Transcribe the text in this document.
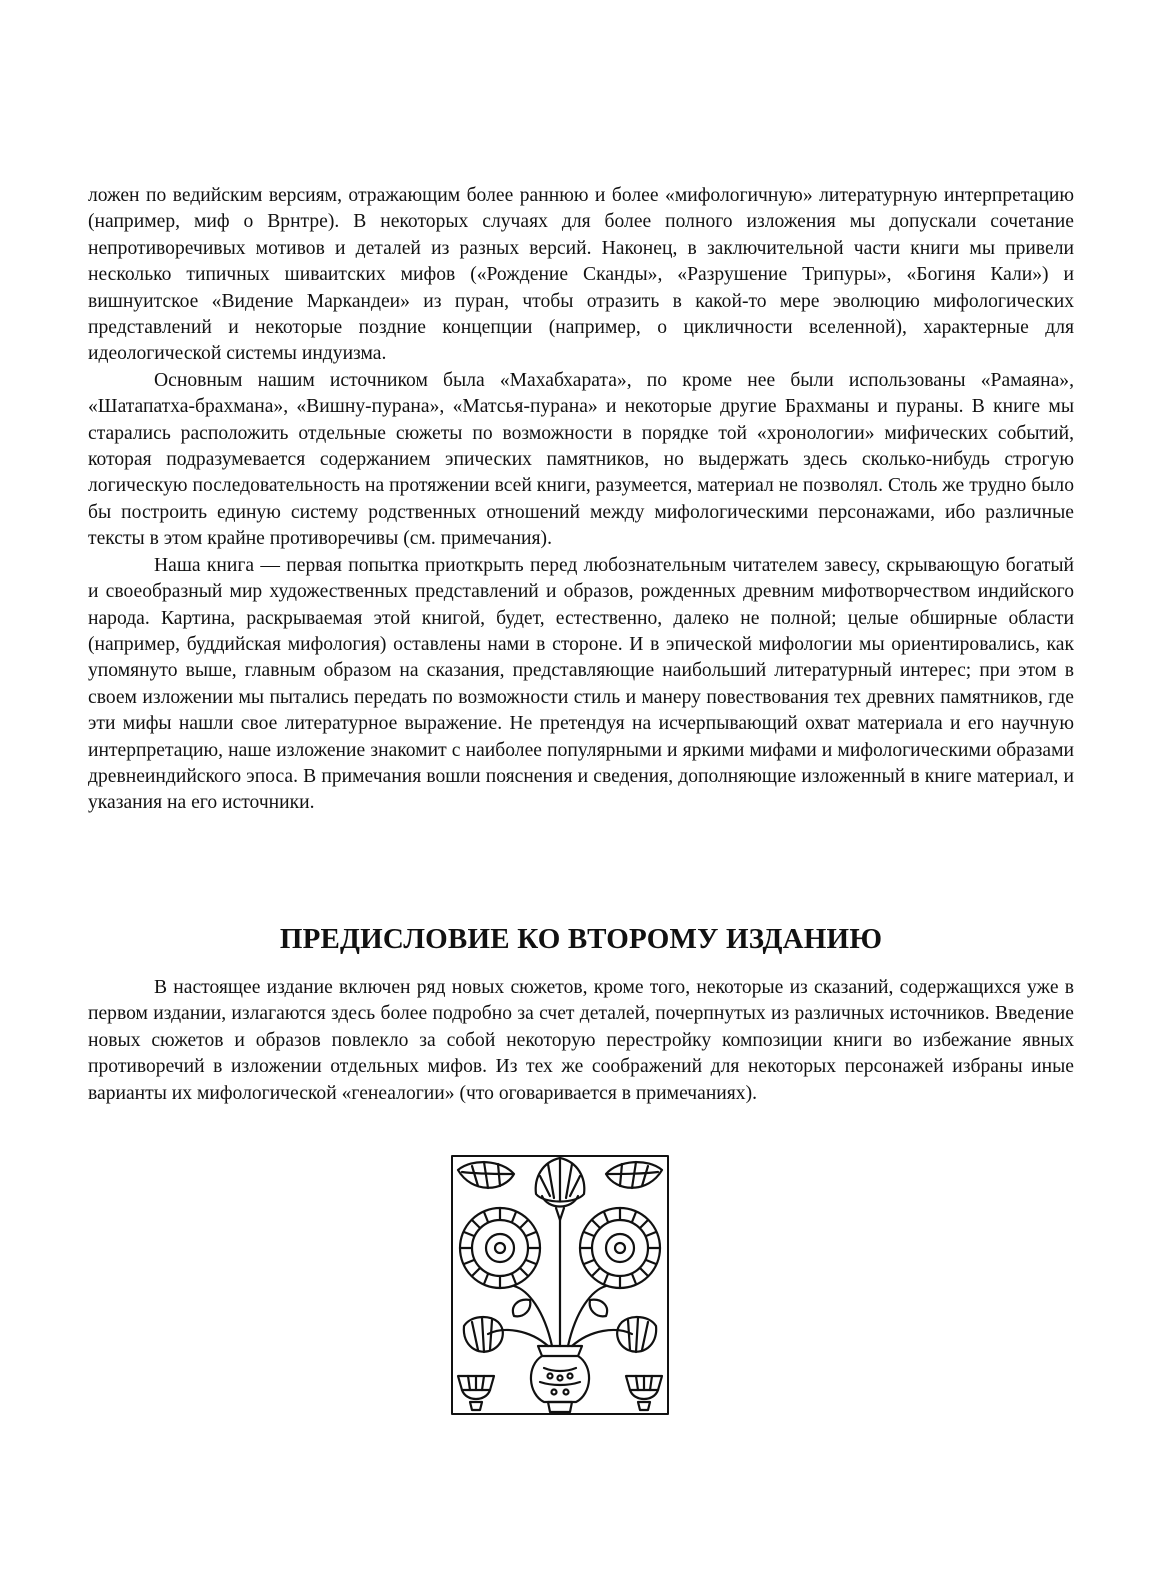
ложен по ведийским версиям, отражающим более раннюю и более «мифологичную» литературную интерпретацию (например, миф о Врнтре). В некоторых случаях для более полного изложения мы допускали сочетание непротиворечивых мотивов и деталей из разных версий. Наконец, в заключительной части книги мы привели несколько типичных шиваитских мифов («Рождение Сканды», «Разрушение Трипуры», «Богиня Кали») и вишнуитское «Видение Маркандеи» из пуран, чтобы отразить в какой-то мере эволюцию мифологических представлений и некоторые поздние концепции (например, о цикличности вселенной), характерные для идеологической системы индуизма.

Основным нашим источником была «Махабхарата», по кроме нее были использованы «Рамаяна», «Шатапатха-брахмана», «Вишну-пурана», «Матсья-пурана» и некоторые другие Брахманы и пураны. В книге мы старались расположить отдельные сюжеты по возможности в порядке той «хронологии» мифических событий, которая подразумевается содержанием эпических памятников, но выдержать здесь сколько-нибудь строгую логическую последовательность на протяжении всей книги, разумеется, материал не позволял. Столь же трудно было бы построить единую систему родственных отношений между мифологическими персонажами, ибо различные тексты в этом крайне противоречивы (см. примечания).

Наша книга — первая попытка приоткрыть перед любознательным читателем завесу, скрывающую богатый и своеобразный мир художественных представлений и образов, рожденных древним мифотворчеством индийского народа. Картина, раскрываемая этой книгой, будет, естественно, далеко не полной; целые обширные области (например, буддийская мифология) оставлены нами в стороне. И в эпической мифологии мы ориентировались, как упомянуто выше, главным образом на сказания, представляющие наибольший литературный интерес; при этом в своем изложении мы пытались передать по возможности стиль и манеру повествования тех древних памятников, где эти мифы нашли свое литературное выражение. Не претендуя на исчерпывающий охват материала и его научную интерпретацию, наше изложение знакомит с наиболее популярными и яркими мифами и мифологическими образами древнеиндийского эпоса. В примечания вошли пояснения и сведения, дополняющие изложенный в книге материал, и указания на его источники.

ПРЕДИСЛОВИЕ КО ВТОРОМУ ИЗДАНИЮ

В настоящее издание включен ряд новых сюжетов, кроме того, некоторые из сказаний, содержащихся уже в первом издании, излагаются здесь более подробно за счет деталей, почерпнутых из различных источников. Введение новых сюжетов и образов повлекло за собой некоторую перестройку композиции книги во избежание явных противоречий в изложении отдельных мифов. Из тех же соображений для некоторых персонажей избраны иные варианты их мифологической «генеалогии» (что оговаривается в примечаниях).
